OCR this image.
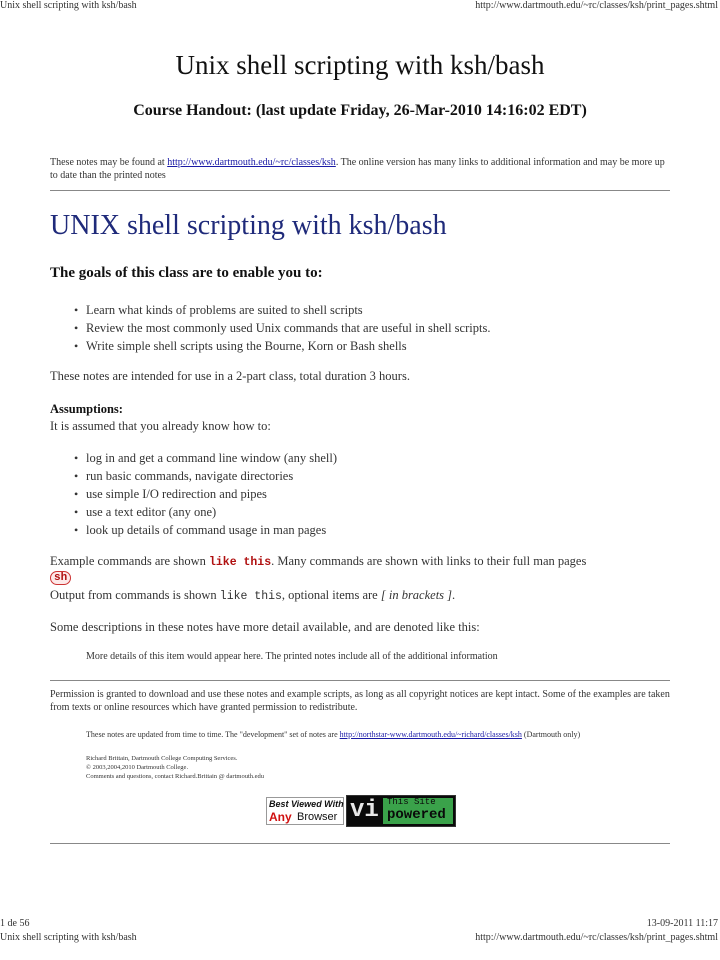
Unix shell scripting with ksh/bash	http://www.dartmouth.edu/~rc/classes/ksh/print_pages.shtml
Unix shell scripting with ksh/bash
Course Handout: (last update Friday, 26-Mar-2010 14:16:02 EDT)
These notes may be found at http://www.dartmouth.edu/~rc/classes/ksh. The online version has many links to additional information and may be more up to date than the printed notes
UNIX shell scripting with ksh/bash
The goals of this class are to enable you to:
• Learn what kinds of problems are suited to shell scripts
• Review the most commonly used Unix commands that are useful in shell scripts.
• Write simple shell scripts using the Bourne, Korn or Bash shells
These notes are intended for use in a 2-part class, total duration 3 hours.
Assumptions:
It is assumed that you already know how to:
• log in and get a command line window (any shell)
• run basic commands, navigate directories
• use simple I/O redirection and pipes
• use a text editor (any one)
• look up details of command usage in man pages
Example commands are shown like this. Many commands are shown with links to their full man pages
sh
Output from commands is shown like this, optional items are [ in brackets ].
Some descriptions in these notes have more detail available, and are denoted like this:
More details of this item would appear here. The printed notes include all of the additional information
Permission is granted to download and use these notes and example scripts, as long as all copyright notices are kept intact. Some of the examples are taken from texts or online resources which have granted permission to redistribute.
These notes are updated from time to time. The "development" set of notes are http://northstar-www.dartmouth.edu/~richard/classes/ksh (Dartmouth only)
Richard Brittain, Dartmouth College Computing Services.
© 2003,2004,2010 Dartmouth College.
Comments and questions, contact Richard.Brittain @ dartmouth.edu
Best Viewed With
Any Browser vi This Site
powered
1 de 56
Unix shell scripting with ksh/bash
13-09-2011 11:17
http://www.dartmouth.edu/~rc/classes/ksh/print_pages.shtml
